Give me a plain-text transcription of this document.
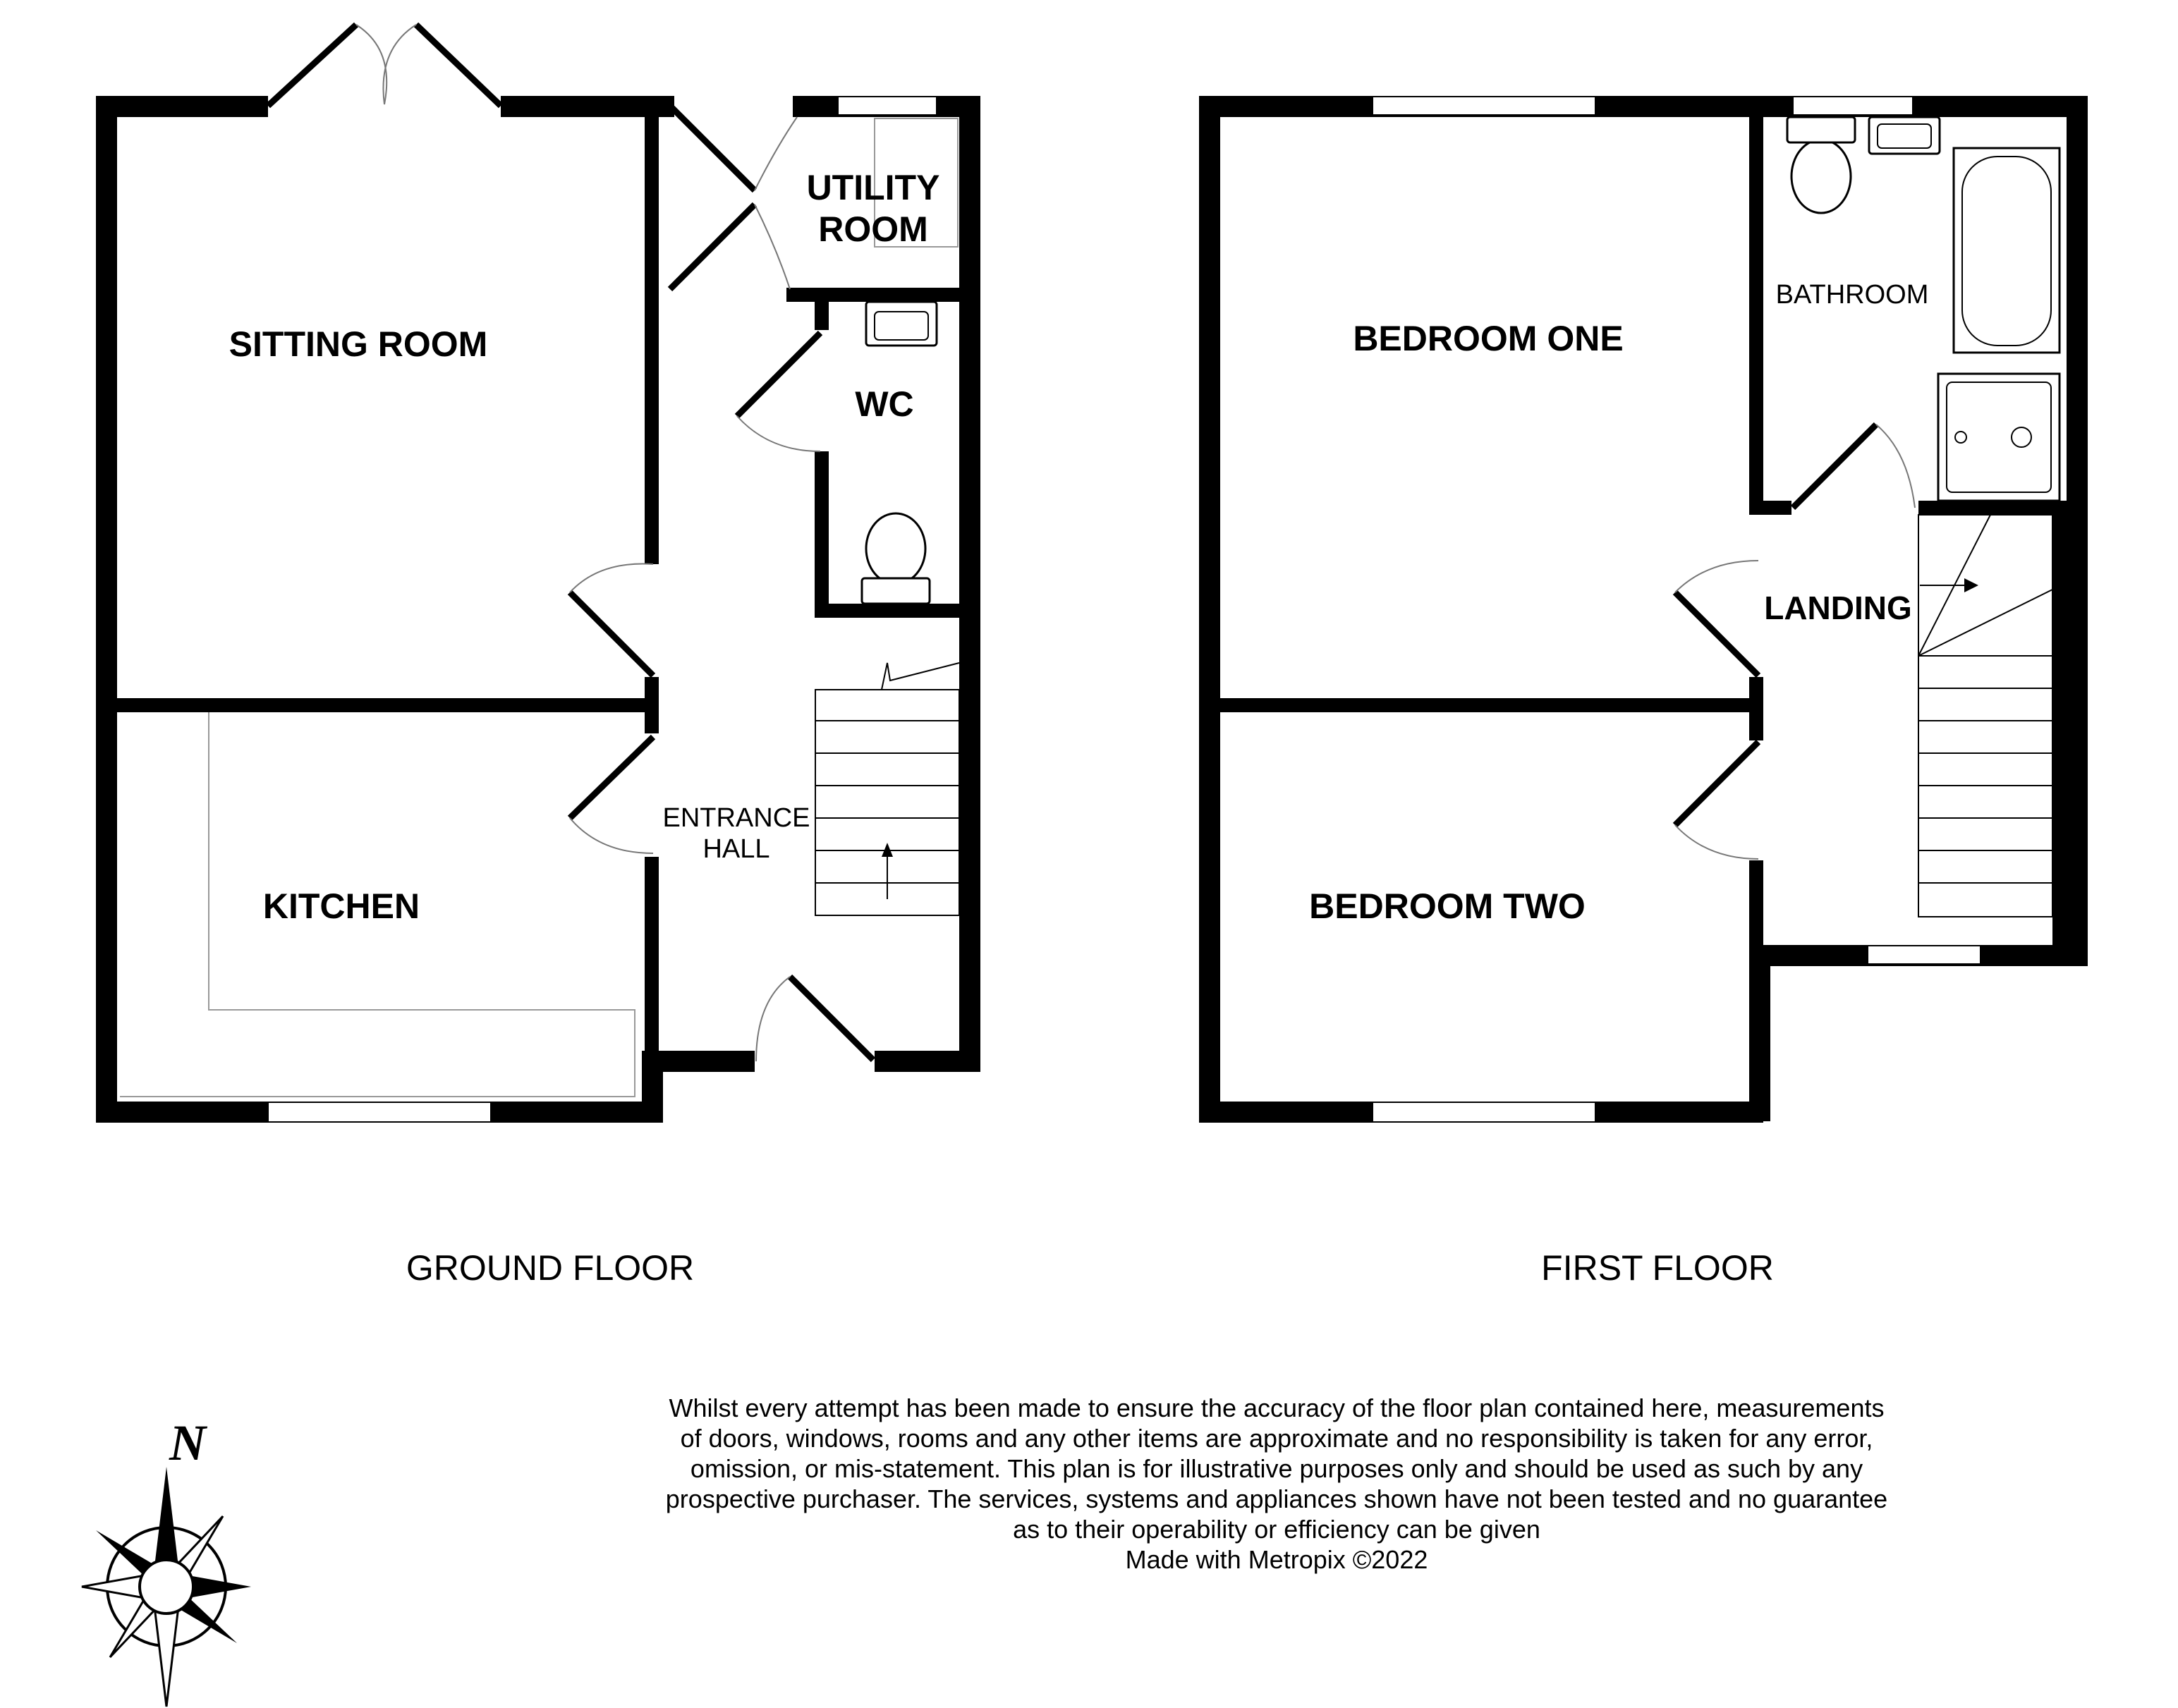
SITTING ROOM
KITCHEN
UTILITY
ROOM
WC
ENTRANCE
HALL
GROUND FLOOR
BEDROOM ONE
BEDROOM TWO
BATHROOM
LANDING
FIRST FLOOR
N
Whilst every attempt has been made to ensure the accuracy of the floor plan contained here, measurements
of doors, windows, rooms and any other items are approximate and no responsibility is taken for any error,
omission, or mis-statement. This plan is for illustrative purposes only and should be used as such by any
prospective purchaser. The services, systems and appliances shown have not been tested and no guarantee
as to their operability or efficiency can be given
Made with Metropix ©2022
